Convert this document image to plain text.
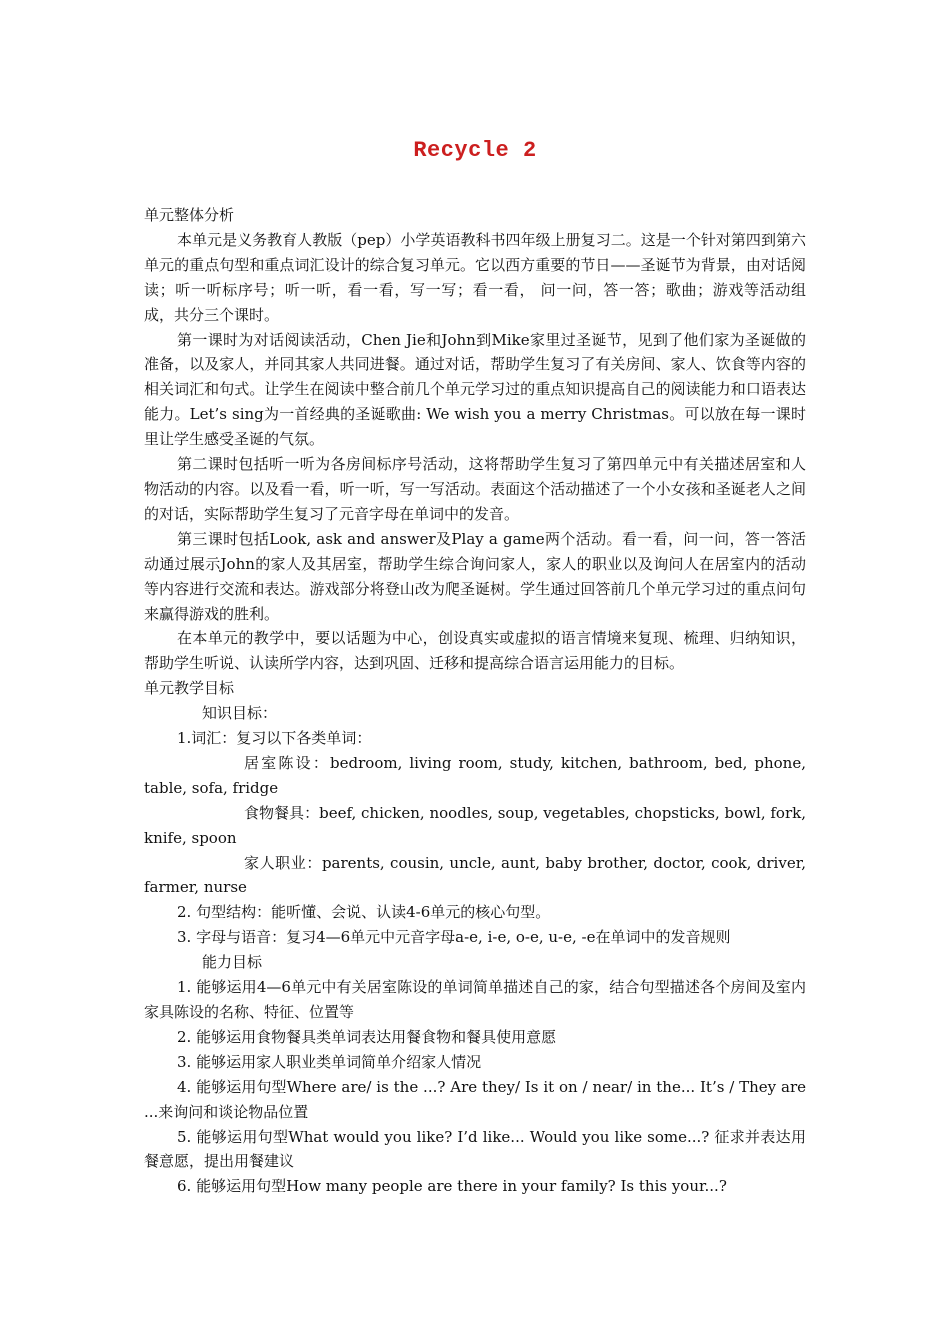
Recycle 2

单元整体分析

本单元是义务教育人教版（pep）小学英语教科书四年级上册复习二。这是一个针对第四到第六单元的重点句型和重点词汇设计的综合复习单元。它以西方重要的节日——圣诞节为背景，由对话阅读；听一听标序号；听一听，看一看，写一写；看一看， 问一问，答一答；歌曲；游戏等活动组成，共分三个课时。

第一课时为对话阅读活动，Chen Jie和John到Mike家里过圣诞节，见到了他们家为圣诞做的准备，以及家人，并同其家人共同进餐。通过对话，帮助学生复习了有关房间、家人、饮食等内容的相关词汇和句式。让学生在阅读中整合前几个单元学习过的重点知识提高自己的阅读能力和口语表达能力。Let’s sing为一首经典的圣诞歌曲: We wish you a merry Christmas。可以放在每一课时里让学生感受圣诞的气氛。

第二课时包括听一听为各房间标序号活动，这将帮助学生复习了第四单元中有关描述居室和人物活动的内容。以及看一看，听一听，写一写活动。表面这个活动描述了一个小女孩和圣诞老人之间的对话，实际帮助学生复习了元音字母在单词中的发音。

第三课时包括Look, ask and answer及Play a game两个活动。看一看，问一问，答一答活动通过展示John的家人及其居室，帮助学生综合询问家人，家人的职业以及询问人在居室内的活动等内容进行交流和表达。游戏部分将登山改为爬圣诞树。学生通过回答前几个单元学习过的重点问句来赢得游戏的胜利。

在本单元的教学中，要以话题为中心，创设真实或虚拟的语言情境来复现、梳理、归纳知识，帮助学生听说、认读所学内容，达到巩固、迁移和提高综合语言运用能力的目标。

单元教学目标

知识目标：

1.词汇：复习以下各类单词：

居室陈设：bedroom, living room, study, kitchen, bathroom, bed, phone, table, sofa, fridge

食物餐具：beef, chicken, noodles, soup, vegetables, chopsticks, bowl, fork, knife, spoon

家人职业：parents, cousin, uncle, aunt, baby brother, doctor, cook, driver, farmer, nurse

2. 句型结构：能听懂、会说、认读4-6单元的核心句型。

3. 字母与语音：复习4—6单元中元音字母a-e, i-e, o-e, u-e, -e在单词中的发音规则

能力目标

1. 能够运用4—6单元中有关居室陈设的单词简单描述自己的家，结合句型描述各个房间及室内家具陈设的名称、特征、位置等

2. 能够运用食物餐具类单词表达用餐食物和餐具使用意愿

3. 能够运用家人职业类单词简单介绍家人情况

4. 能够运用句型Where are/ is the ...? Are they/ Is it on / near/ in the... It’s / They are ...来询问和谈论物品位置

5. 能够运用句型What would you like? I’d like... Would you like some...? 征求并表达用餐意愿，提出用餐建议

6. 能够运用句型How many people are there in your family? Is this your...?
